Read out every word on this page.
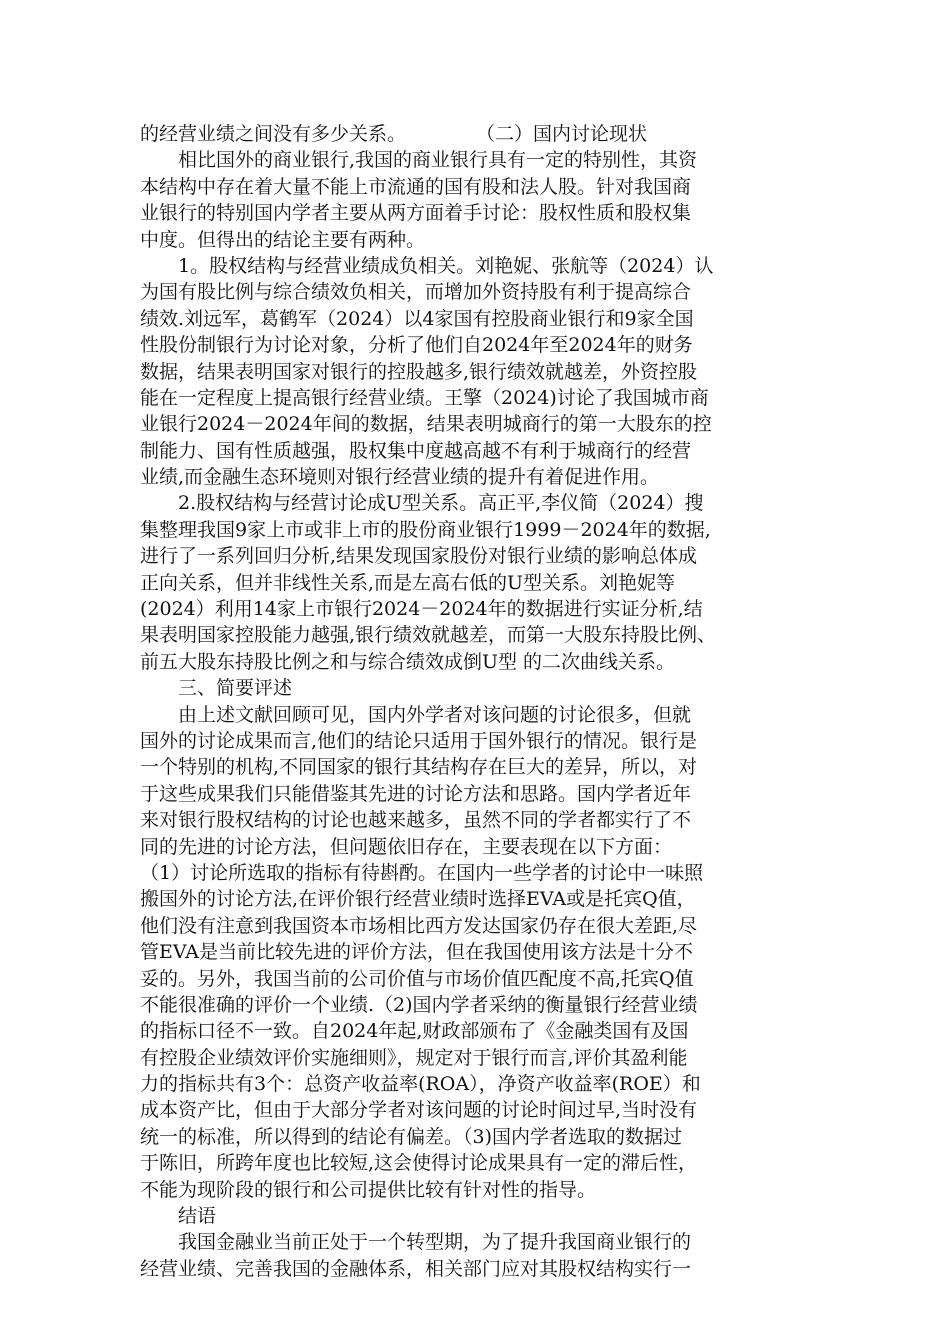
的经营业绩之间没有多少关系。	（二）国内讨论现状
相比国外的商业银行,我国的商业银行具有一定的特别性，其资
本结构中存在着大量不能上市流通的国有股和法人股。针对我国商
业银行的特别国内学者主要从两方面着手讨论：股权性质和股权集
中度。但得出的结论主要有两种。
1。股权结构与经营业绩成负相关。刘艳妮、张航等（2024）认
为国有股比例与综合绩效负相关，而增加外资持股有利于提高综合
绩效.刘远军，葛鹤军（2024）以4家国有控股商业银行和9家全国
性股份制银行为讨论对象，分析了他们自2024年至2024年的财务
数据，结果表明国家对银行的控股越多,银行绩效就越差，外资控股
能在一定程度上提高银行经营业绩。王擎（2024)讨论了我国城市商
业银行2024－2024年间的数据，结果表明城商行的第一大股东的控
制能力、国有性质越强，股权集中度越高越不有利于城商行的经营
业绩,而金融生态环境则对银行经营业绩的提升有着促进作用。
2.股权结构与经营讨论成U型关系。高正平,李仪简（2024）搜
集整理我国9家上市或非上市的股份商业银行1999－2024年的数据,
进行了一系列回归分析,结果发现国家股份对银行业绩的影响总体成
正向关系，但并非线性关系,而是左高右低的U型关系。刘艳妮等
(2024）利用14家上市银行2024－2024年的数据进行实证分析,结
果表明国家控股能力越强,银行绩效就越差，而第一大股东持股比例、
前五大股东持股比例之和与综合绩效成倒U型 的二次曲线关系。
三、简要评述
由上述文献回顾可见，国内外学者对该问题的讨论很多，但就
国外的讨论成果而言,他们的结论只适用于国外银行的情况。银行是
一个特别的机构,不同国家的银行其结构存在巨大的差异，所以，对
于这些成果我们只能借鉴其先进的讨论方法和思路。国内学者近年
来对银行股权结构的讨论也越来越多，虽然不同的学者都实行了不
同的先进的讨论方法，但问题依旧存在，主要表现在以下方面：
（1）讨论所选取的指标有待斟酌。在国内一些学者的讨论中一味照
搬国外的讨论方法,在评价银行经营业绩时选择EVA或是托宾Q值，
他们没有注意到我国资本市场相比西方发达国家仍存在很大差距,尽
管EVA是当前比较先进的评价方法，但在我国使用该方法是十分不
妥的。另外，我国当前的公司价值与市场价值匹配度不高,托宾Q值
不能很准确的评价一个业绩.（2)国内学者采纳的衡量银行经营业绩
的指标口径不一致。自2024年起,财政部颁布了《金融类国有及国
有控股企业绩效评价实施细则》，规定对于银行而言,评价其盈利能
力的指标共有3个：总资产收益率(ROA），净资产收益率(ROE）和
成本资产比，但由于大部分学者对该问题的讨论时间过早,当时没有
统一的标准，所以得到的结论有偏差。（3)国内学者选取的数据过
于陈旧，所跨年度也比较短,这会使得讨论成果具有一定的滞后性，
不能为现阶段的银行和公司提供比较有针对性的指导。
结语
我国金融业当前正处于一个转型期，为了提升我国商业银行的
经营业绩、完善我国的金融体系，相关部门应对其股权结构实行一
